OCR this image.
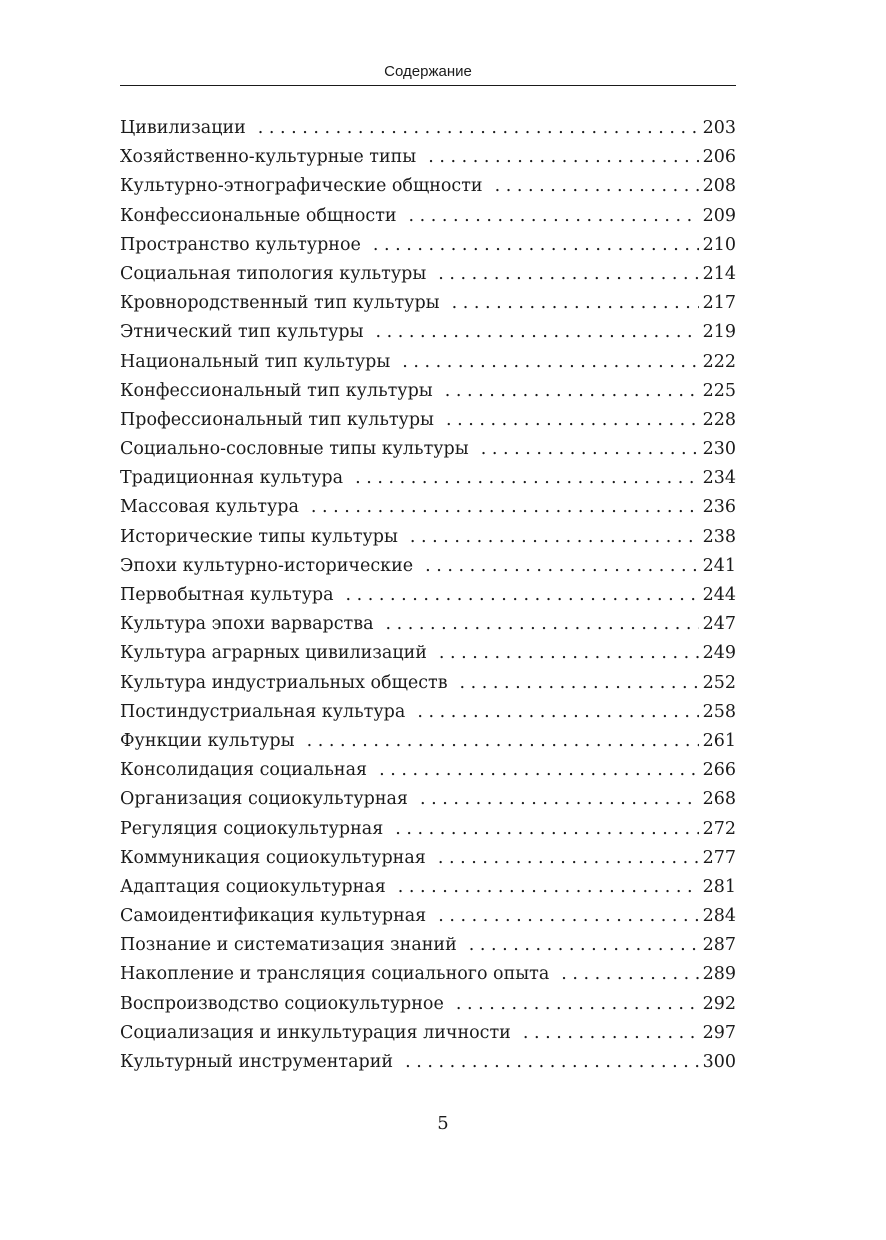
Содержание
Цивилизации . . .	203
Хозяйственно-культурные типы . . .	206
Культурно-этнографические общности . . .	208
Конфессиональные общности . . .	209
Пространство культурное . . .	210
Социальная типология культуры . . .	214
Кровнородственный тип культуры . . .	217
Этнический тип культуры . . .	219
Национальный тип культуры . . .	222
Конфессиональный тип культуры . . .	225
Профессиональный тип культуры . . .	228
Социально-сословные типы культуры . . .	230
Традиционная культура . . .	234
Массовая культура . . .	236
Исторические типы культуры . . .	238
Эпохи культурно-исторические . . .	241
Первобытная культура . . .	244
Культура эпохи варварства . . .	247
Культура аграрных цивилизаций . . .	249
Культура индустриальных обществ . . .	252
Постиндустриальная культура . . .	258
Функции культуры . . .	261
Консолидация социальная . . .	266
Организация социокультурная . . .	268
Регуляция социокультурная . . .	272
Коммуникация социокультурная . . .	277
Адаптация социокультурная . . .	281
Самоидентификация культурная . . .	284
Познание и систематизация знаний . . .	287
Накопление и трансляция социального опыта . . .	289
Воспроизводство социокультурное . . .	292
Социализация и инкультурация личности . . .	297
Культурный инструментарий . . .	300
5
